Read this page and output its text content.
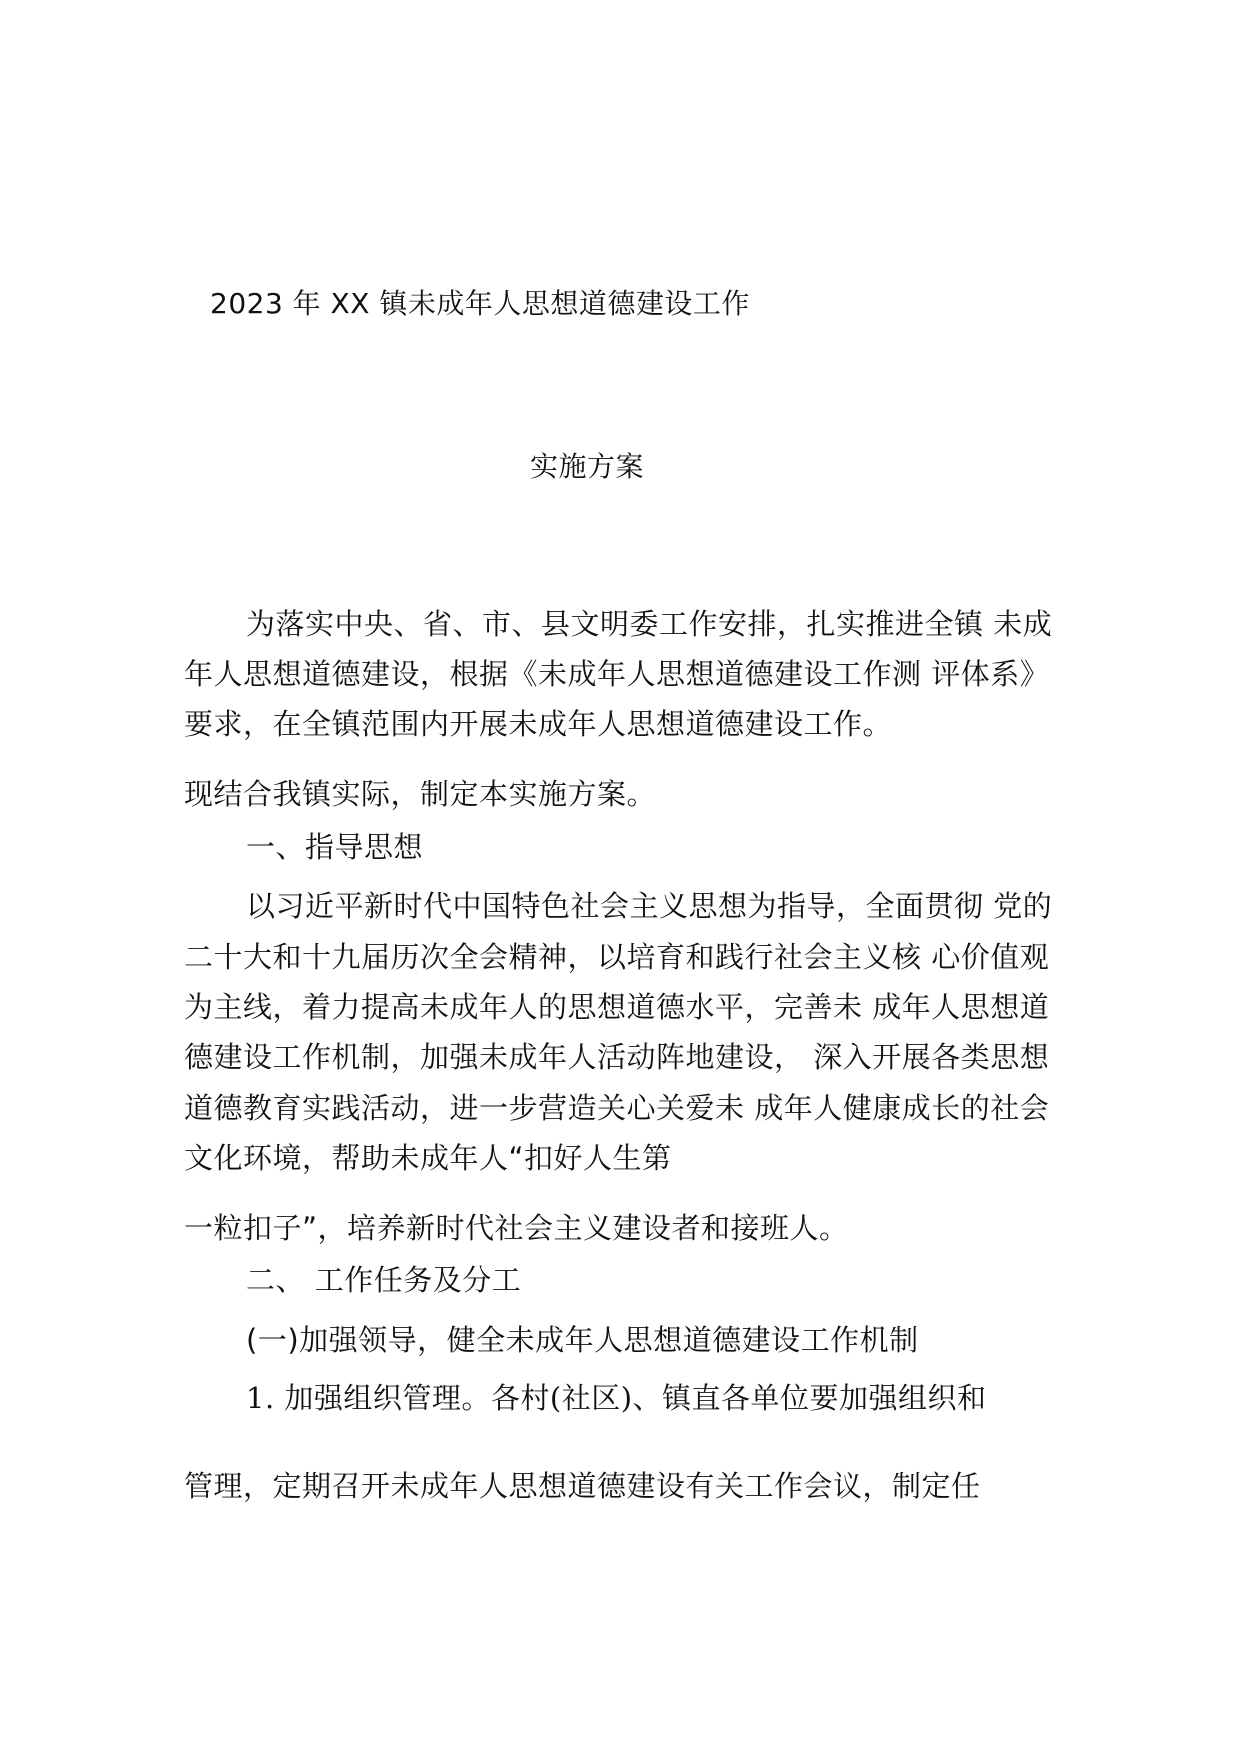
2023 年 XX 镇未成年人思想道德建设工作
实施方案
为落实中央、省、市、县文明委工作安排，扎实推进全镇 未成
年人思想道德建设，根据《未成年人思想道德建设工作测 评体系》
要求，在全镇范围内开展未成年人思想道德建设工作。
现结合我镇实际，制定本实施方案。
一、指导思想
以习近平新时代中国特色社会主义思想为指导，全面贯彻 党的
二十大和十九届历次全会精神，以培育和践行社会主义核 心价值观
为主线，着力提高未成年人的思想道德水平，完善未 成年人思想道
德建设工作机制，加强未成年人活动阵地建设， 深入开展各类思想
道德教育实践活动，进一步营造关心关爱未 成年人健康成长的社会
文化环境，帮助未成年人“扣好人生第
一粒扣子”，培养新时代社会主义建设者和接班人。
二、 工作任务及分工
(一)加强领导，健全未成年人思想道德建设工作机制
1. 加强组织管理。各村(社区)、镇直各单位要加强组织和
管理，定期召开未成年人思想道德建设有关工作会议，制定任
